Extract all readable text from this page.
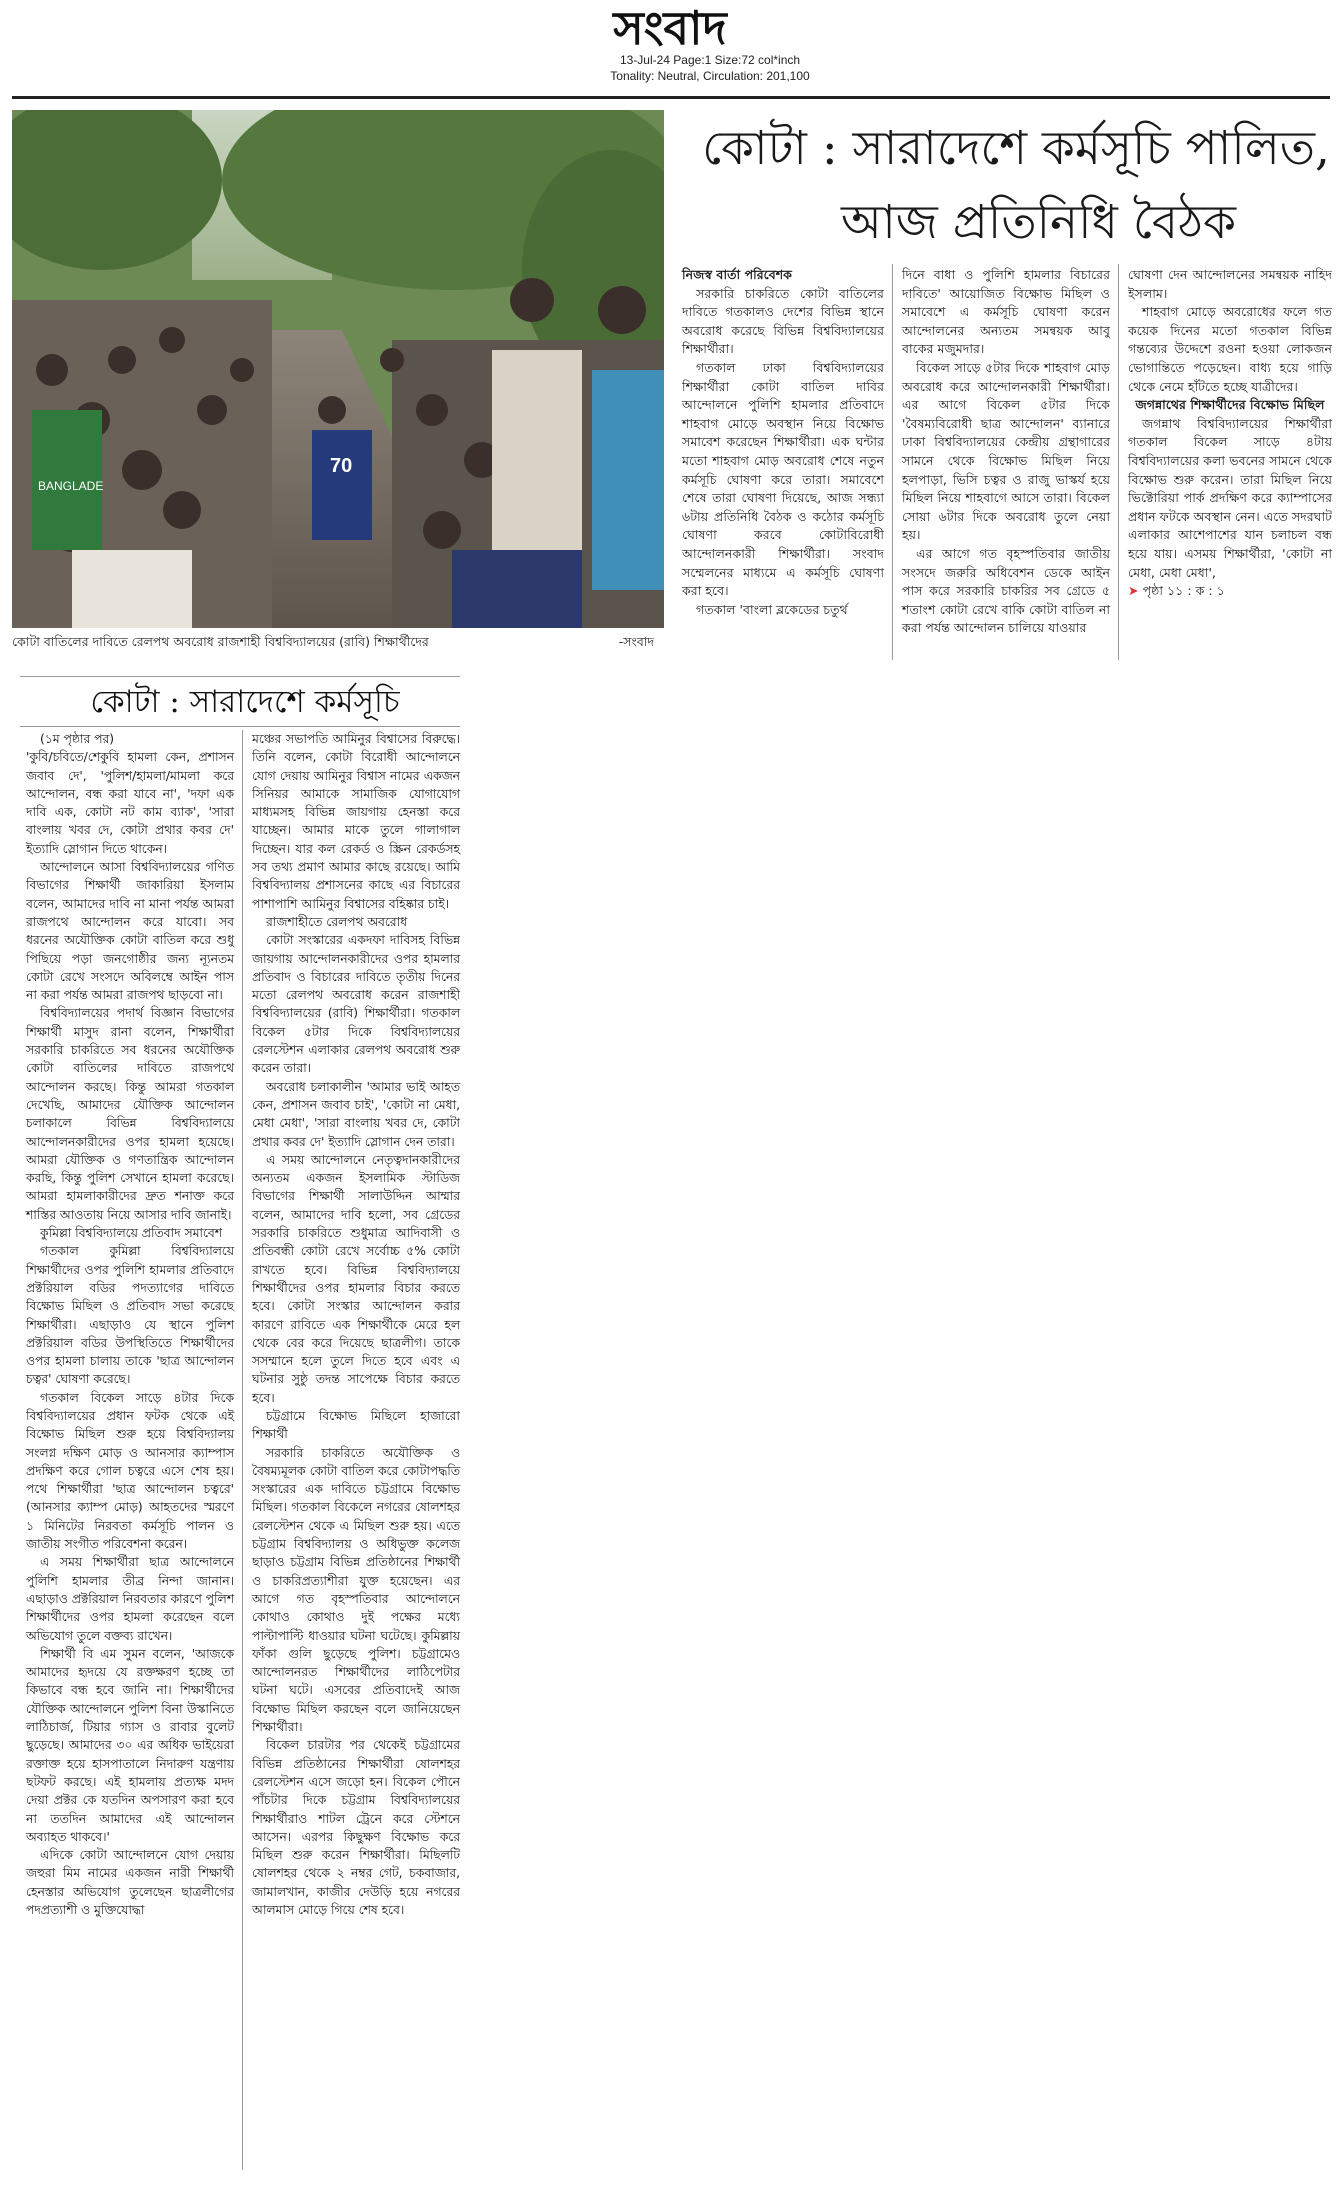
সংবাদ
13-Jul-24 Page:1 Size:72 col*inch
Tonality: Neutral, Circulation: 201,100
BANGLADE
70
কোটা বাতিলের দাবিতে রেলপথ অবরোধ রাজশাহী বিশ্ববিদ্যালয়ের (রাবি) শিক্ষার্থীদের	-সংবাদ
কোটা : সারাদেশে কর্মসূচি পালিত,
আজ প্রতিনিধি বৈঠক

নিজস্ব বার্তা পরিবেশক

সরকারি চাকরিতে কোটা বাতিলের দাবিতে গতকালও দেশের বিভিন্ন স্থানে অবরোধ করেছে বিভিন্ন বিশ্ববিদ্যালয়ের শিক্ষার্থীরা।

গতকাল ঢাকা বিশ্ববিদ্যালয়ের শিক্ষার্থীরা কোটা বাতিল দাবির আন্দোলনে পুলিশি হামলার প্রতিবাদে শাহবাগ মোড়ে অবস্থান নিয়ে বিক্ষোভ সমাবেশ করেছেন শিক্ষার্থীরা। এক ঘন্টার মতো শাহবাগ মোড় অবরোধ শেষে নতুন কর্মসূচি ঘোষণা করে তারা। সমাবেশে শেষে তারা ঘোষণা দিয়েছে, আজ সন্ধ্যা ৬টায় প্রতিনিধি বৈঠক ও কঠোর কর্মসূচি ঘোষণা করবে কোটাবিরোধী আন্দোলনকারী শিক্ষার্থীরা। সংবাদ সম্মেলনের মাধ্যমে এ কর্মসূচি ঘোষণা করা হবে।

গতকাল 'বাংলা ব্লকেডের চতুর্থ

দিনে বাধা ও পুলিশি হামলার বিচারের দাবিতে' আয়োজিত বিক্ষোভ মিছিল ও সমাবেশে এ কর্মসূচি ঘোষণা করেন আন্দোলনের অন্যতম সমন্বয়ক আবু বাকের মজুমদার।

বিকেল সাড়ে ৫টার দিকে শাহবাগ মোড় অবরোধ করে আন্দোলনকারী শিক্ষার্থীরা। এর আগে বিকেল ৫টার দিকে 'বৈষম্যবিরোধী ছাত্র আন্দোলন' ব্যানারে ঢাকা বিশ্ববিদ্যালয়ের কেন্দ্রীয় গ্রন্থাগারের সামনে থেকে বিক্ষোভ মিছিল নিয়ে হলপাড়া, ভিসি চত্বর ও রাজু ভাস্কর্য হয়ে মিছিল নিয়ে শাহবাগে আসে তারা। বিকেল সোয়া ৬টার দিকে অবরোধ তুলে নেয়া হয়।

এর আগে গত বৃহস্পতিবার জাতীয় সংসদে জরুরি অধিবেশন ডেকে আইন পাস করে সরকারি চাকরির সব গ্রেডে ৫ শতাংশ কোটা রেখে বাকি কোটা বাতিল না করা পর্যন্ত আন্দোলন চালিয়ে যাওয়ার

ঘোষণা দেন আন্দোলনের সমন্বয়ক নাহিদ ইসলাম।

শাহবাগ মোড়ে অবরোধের ফলে গত কয়েক দিনের মতো গতকাল বিভিন্ন গন্তব্যের উদ্দেশে রওনা হওয়া লোকজন ভোগান্তিতে পড়েছেন। বাধ্য হয়ে গাড়ি থেকে নেমে হাঁটতে হচ্ছে যাত্রীদের।

জগন্নাথের শিক্ষার্থীদের বিক্ষোভ মিছিল

জগন্নাথ বিশ্ববিদ্যালয়ের শিক্ষার্থীরা গতকাল বিকেল সাড়ে ৪টায় বিশ্ববিদ্যালয়ের কলা ভবনের সামনে থেকে বিক্ষোভ শুরু করেন। তারা মিছিল নিয়ে ভিক্টোরিয়া পার্ক প্রদক্ষিণ করে ক্যাম্পাসের প্রধান ফটকে অবস্থান নেন। এতে সদরঘাট এলাকার আশেপাশের যান চলাচল বন্ধ হয়ে যায়। এসময় শিক্ষার্থীরা, 'কোটা না মেধা, মেধা মেধা',

➤ পৃষ্ঠা ১১ : ক : ১

কোটা : সারাদেশে কর্মসূচি

(১ম পৃষ্ঠার পর)

'কুবি/চবিতে/শেকুবি হামলা কেন, প্রশাসন জবাব দে', 'পুলিশ/হামলা/মামলা করে আন্দোলন, বন্ধ করা যাবে না', 'দফা এক দাবি এক, কোটা নট কাম ব্যাক', 'সারা বাংলায় খবর দে, কোটা প্রথার কবর দে' ইত্যাদি স্লোগান দিতে থাকেন।

আন্দোলনে আসা বিশ্ববিদ্যালয়ের গণিত বিভাগের শিক্ষার্থী জাকারিয়া ইসলাম বলেন, আমাদের দাবি না মানা পর্যন্ত আমরা রাজপথে আন্দোলন করে যাবো। সব ধরনের অযৌক্তিক কোটা বাতিল করে শুধু পিছিয়ে পড়া জনগোষ্ঠীর জন্য ন্যূনতম কোটা রেখে সংসদে অবিলম্বে আইন পাস না করা পর্যন্ত আমরা রাজপথ ছাড়বো না।

বিশ্ববিদ্যালয়ের পদার্থ বিজ্ঞান বিভাগের শিক্ষার্থী মাসুদ রানা বলেন, শিক্ষার্থীরা সরকারি চাকরিতে সব ধরনের অযৌক্তিক কোটা বাতিলের দাবিতে রাজপথে আন্দোলন করছে। কিন্তু আমরা গতকাল দেখেছি, আমাদের যৌক্তিক আন্দোলন চলাকালে বিভিন্ন বিশ্ববিদ্যালয়ে আন্দোলনকারীদের ওপর হামলা হয়েছে। আমরা যৌক্তিক ও গণতান্ত্রিক আন্দোলন করছি, কিন্তু পুলিশ সেখানে হামলা করেছে। আমরা হামলাকারীদের দ্রুত শনাক্ত করে শাস্তির আওতায় নিয়ে আসার দাবি জানাই।

কুমিল্লা বিশ্ববিদ্যালয়ে প্রতিবাদ সমাবেশ

গতকাল কুমিল্লা বিশ্ববিদ্যালয়ে শিক্ষার্থীদের ওপর পুলিশি হামলার প্রতিবাদে প্রক্টরিয়াল বডির পদত্যাগের দাবিতে বিক্ষোভ মিছিল ও প্রতিবাদ সভা করেছে শিক্ষার্থীরা। এছাড়াও যে স্থানে পুলিশ প্রক্টরিয়াল বডির উপস্থিতিতে শিক্ষার্থীদের ওপর হামলা চালায় তাকে 'ছাত্র আন্দোলন চত্বর' ঘোষণা করেছে।

গতকাল বিকেল সাড়ে ৪টার দিকে বিশ্ববিদ্যালয়ের প্রধান ফটক থেকে এই বিক্ষোভ মিছিল শুরু হয়ে বিশ্ববিদ্যালয় সংলগ্ন দক্ষিণ মোড় ও আনসার ক্যাম্পাস প্রদক্ষিণ করে গোল চত্বরে এসে শেষ হয়। পথে শিক্ষার্থীরা 'ছাত্র আন্দোলন চত্বরে' (আনসার ক্যাম্প মোড়) আহতদের স্মরণে ১ মিনিটের নিরবতা কর্মসূচি পালন ও জাতীয় সংগীত পরিবেশনা করেন।

এ সময় শিক্ষার্থীরা ছাত্র আন্দোলনে পুলিশি হামলার তীব্র নিন্দা জানান। এছাড়াও প্রক্টরিয়াল নিরবতার কারণে পুলিশ শিক্ষার্থীদের ওপর হামলা করেছেন বলে অভিযোগ তুলে বক্তব্য রাখেন।

শিক্ষার্থী বি এম সুমন বলেন, 'আজকে আমাদের হৃদয়ে যে রক্তক্ষরণ হচ্ছে তা কিভাবে বন্ধ হবে জানি না। শিক্ষার্থীদের যৌক্তিক আন্দোলনে পুলিশ বিনা উস্কানিতে লাঠিচার্জ, টিয়ার গ্যাস ও রাবার বুলেট ছুড়েছে। আমাদের ৩০ এর অধিক ভাইয়েরা রক্তাক্ত হয়ে হাসপাতালে নিদারুণ যন্ত্রণায় ছটফট করছে। এই হামলায় প্রত্যক্ষ মদদ দেয়া প্রক্টর কে যতদিন অপসারণ করা হবে না ততদিন আমাদের এই আন্দোলন অব্যাহত থাকবে।'

এদিকে কোটা আন্দোলনে যোগ দেয়ায় জহুরা মিম নামের একজন নারী শিক্ষার্থী হেনস্তার অভিযোগ তুলেছেন ছাত্রলীগের পদপ্রত্যাশী ও মুক্তিযোদ্ধা

মঞ্চের সভাপতি আমিনুর বিশ্বাসের বিরুদ্ধে। তিনি বলেন, কোটা বিরোধী আন্দোলনে যোগ দেয়ায় আমিনুর বিশ্বাস নামের একজন সিনিয়র আমাকে সামাজিক যোগাযোগ মাধ্যমসহ বিভিন্ন জায়গায় হেনস্তা করে যাচ্ছেন। আমার মাকে তুলে গালাগাল দিচ্ছেন। যার কল রেকর্ড ও স্ক্রিন রেকর্ডসহ সব তথ্য প্রমাণ আমার কাছে রয়েছে। আমি বিশ্ববিদ্যালয় প্রশাসনের কাছে এর বিচারের পাশাপাশি আমিনুর বিশ্বাসের বহিষ্কার চাই।

রাজশাহীতে রেলপথ অবরোধ

কোটা সংস্কারের একদফা দাবিসহ বিভিন্ন জায়গায় আন্দোলনকারীদের ওপর হামলার প্রতিবাদ ও বিচারের দাবিতে তৃতীয় দিনের মতো রেলপথ অবরোধ করেন রাজশাহী বিশ্ববিদ্যালয়ের (রাবি) শিক্ষার্থীরা। গতকাল বিকেল ৫টার দিকে বিশ্ববিদ্যালয়ের রেলস্টেশন এলাকার রেলপথ অবরোধ শুরু করেন তারা।

অবরোধ চলাকালীন 'আমার ভাই আহত কেন, প্রশাসন জবাব চাই', 'কোটা না মেধা, মেধা মেধা', 'সারা বাংলায় খবর দে, কোটা প্রথার কবর দে' ইত্যাদি স্লোগান দেন তারা।

এ সময় আন্দোলনে নেতৃত্বদানকারীদের অন্যতম একজন ইসলামিক স্টাডিজ বিভাগের শিক্ষার্থী সালাউদ্দিন আম্মার বলেন, আমাদের দাবি হলো, সব গ্রেডের সরকারি চাকরিতে শুধুমাত্র আদিবাসী ও প্রতিবন্ধী কোটা রেখে সর্বোচ্চ ৫% কোটা রাখতে হবে। বিভিন্ন বিশ্ববিদ্যালয়ে শিক্ষার্থীদের ওপর হামলার বিচার করতে হবে। কোটা সংস্কার আন্দোলন করার কারণে রাবিতে এক শিক্ষার্থীকে মেরে হল থেকে বের করে দিয়েছে ছাত্রলীগ। তাকে সসম্মানে হলে তুলে দিতে হবে এবং এ ঘটনার সুষ্ঠু তদন্ত সাপেক্ষে বিচার করতে হবে।

চট্টগ্রামে বিক্ষোভ মিছিলে হাজারো শিক্ষার্থী

সরকারি চাকরিতে অযৌক্তিক ও বৈষম্যমূলক কোটা বাতিল করে কোটাপদ্ধতি সংস্কারের এক দাবিতে চট্টগ্রামে বিক্ষোভ মিছিল। গতকাল বিকেলে নগরের ষোলশহর রেলস্টেশন থেকে এ মিছিল শুরু হয়। এতে চট্টগ্রাম বিশ্ববিদ্যালয় ও অধিভুক্ত কলেজ ছাড়াও চট্টগ্রাম বিভিন্ন প্রতিষ্ঠানের শিক্ষার্থী ও চাকরিপ্রত্যাশীরা যুক্ত হয়েছেন। এর আগে গত বৃহস্পতিবার আন্দোলনে কোথাও কোথাও দুই পক্ষের মধ্যে পাল্টাপাল্টি ধাওয়ার ঘটনা ঘটেছে। কুমিল্লায় ফাঁকা গুলি ছুড়েছে পুলিশ। চট্টগ্রামেও আন্দোলনরত শিক্ষার্থীদের লাঠিপেটার ঘটনা ঘটে। এসবের প্রতিবাদেই আজ বিক্ষোভ মিছিল করছেন বলে জানিয়েছেন শিক্ষার্থীরা।

বিকেল চারটার পর থেকেই চট্টগ্রামের বিভিন্ন প্রতিষ্ঠানের শিক্ষার্থীরা ষোলশহর রেলস্টেশন এসে জড়ো হন। বিকেল পৌনে পাঁচটার দিকে চট্টগ্রাম বিশ্ববিদ্যালয়ের শিক্ষার্থীরাও শাটল ট্রেনে করে স্টেশনে আসেন। এরপর কিছুক্ষণ বিক্ষোভ করে মিছিল শুরু করেন শিক্ষার্থীরা। মিছিলটি ষোলশহর থেকে ২ নম্বর গেট, চকবাজার, জামালখান, কাজীর দেউড়ি হয়ে নগরের আলমাস মোড়ে গিয়ে শেষ হবে।
